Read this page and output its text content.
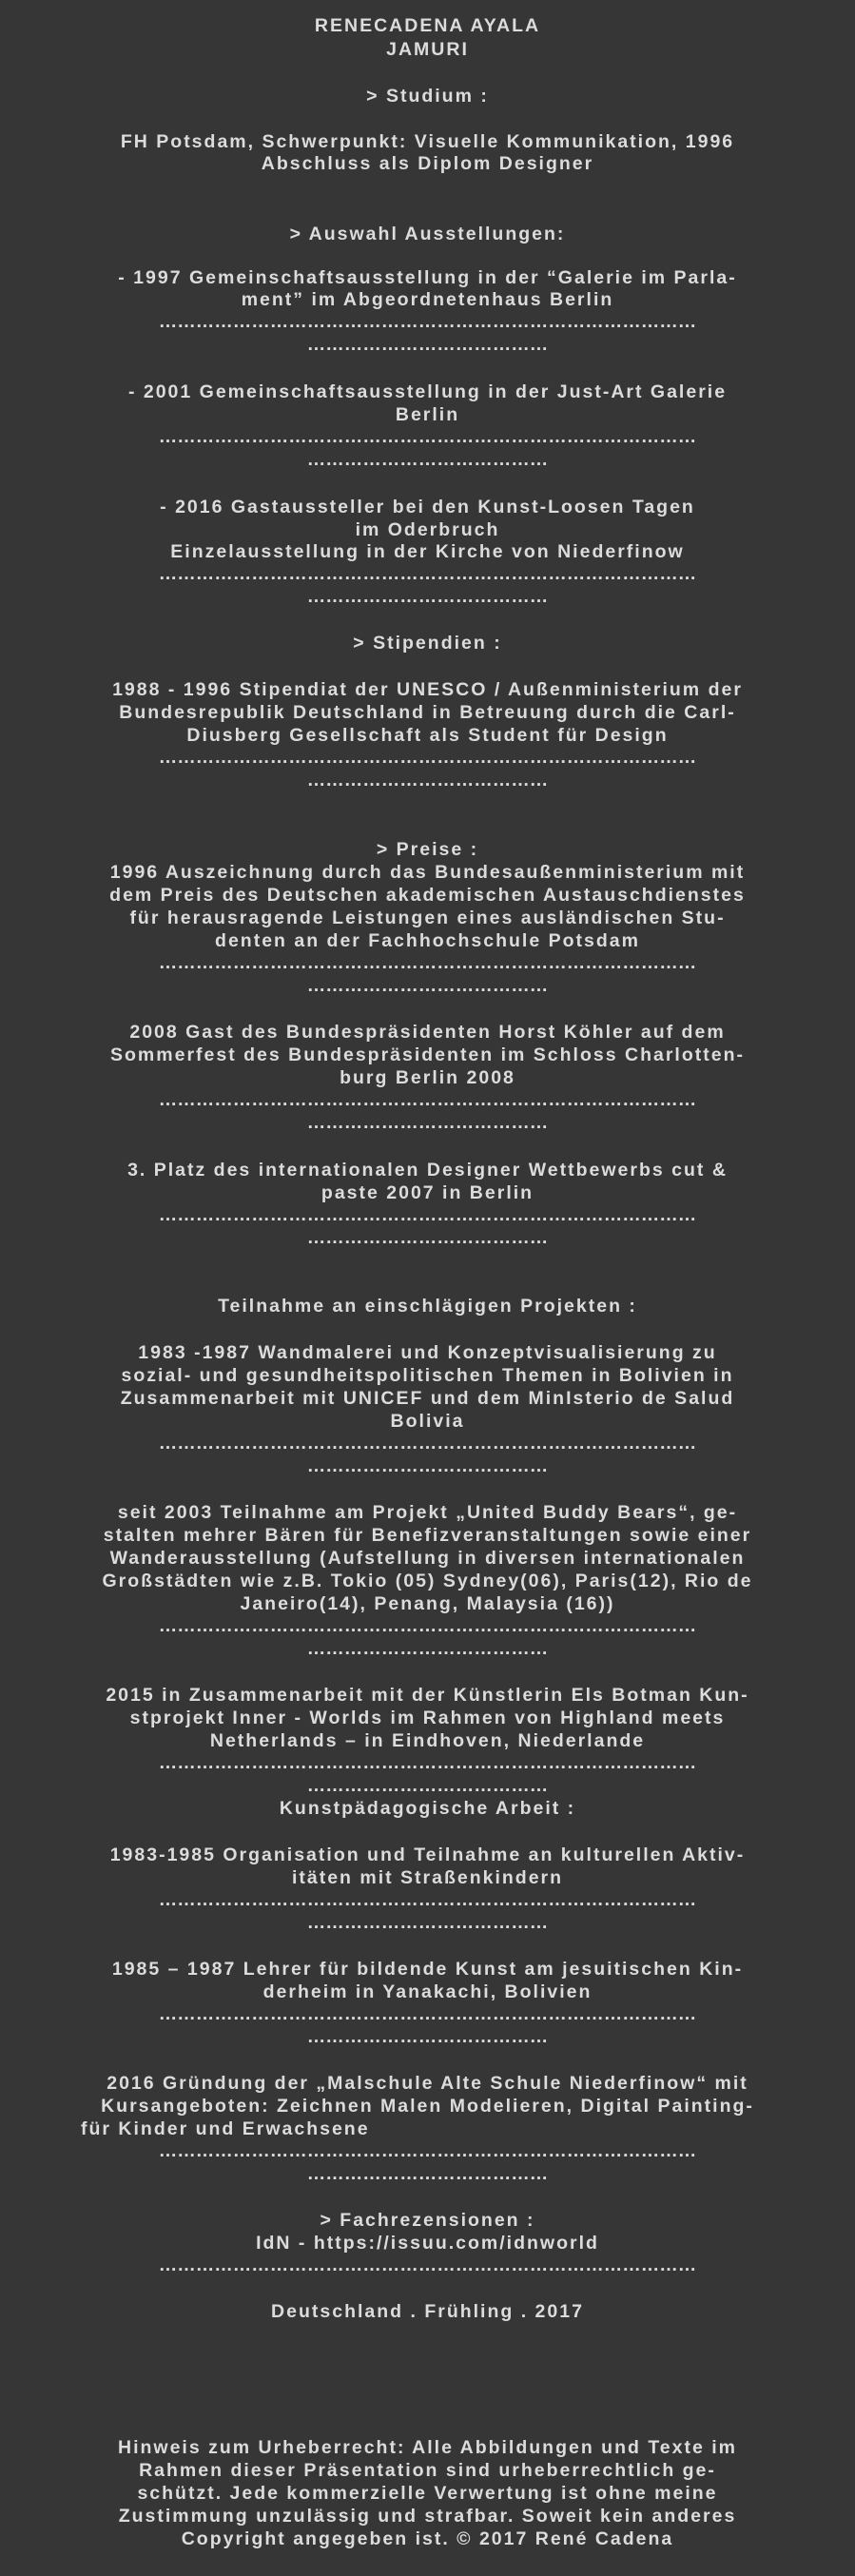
RENECADENA AYALA
JAMURI
> Studium :
FH Potsdam, Schwerpunkt: Visuelle Kommunikation, 1996
Abschluss als Diplom Designer
> Auswahl Ausstellungen:
- 1997 Gemeinschaftsausstellung in der “Galerie im Parla-
ment” im Abgeordnetenhaus Berlin
……………………………………………………………………………
…………………………………
- 2001 Gemeinschaftsausstellung in der Just-Art Galerie
Berlin
……………………………………………………………………………
…………………………………
- 2016 Gastaussteller bei den Kunst-Loosen Tagen
im Oderbruch
Einzelausstellung in der Kirche von Niederfinow
……………………………………………………………………………
…………………………………
> Stipendien :
1988 - 1996 Stipendiat der UNESCO / Außenministerium der
Bundesrepublik Deutschland in Betreuung durch die Carl-
Diusberg Gesellschaft als Student für Design
……………………………………………………………………………
…………………………………
> Preise :
1996 Auszeichnung durch das Bundesaußenministerium mit
dem Preis des Deutschen akademischen Austauschdienstes
für herausragende Leistungen eines ausländischen Stu-
denten an der Fachhochschule Potsdam
……………………………………………………………………………
…………………………………
2008 Gast des Bundespräsidenten Horst Köhler auf dem
Sommerfest des Bundespräsidenten im Schloss Charlotten-
burg Berlin 2008
……………………………………………………………………………
…………………………………
3. Platz des internationalen Designer Wettbewerbs cut &
paste 2007 in Berlin
……………………………………………………………………………
…………………………………
Teilnahme an einschlägigen Projekten :
1983 -1987 Wandmalerei und Konzeptvisualisierung zu
sozial- und gesundheitspolitischen Themen in Bolivien in
Zusammenarbeit mit UNICEF und dem MinIsterio de Salud
Bolivia
……………………………………………………………………………
…………………………………
seit 2003 Teilnahme am Projekt „United Buddy Bears“, ge-
stalten mehrer Bären für Benefizveranstaltungen sowie einer
Wanderausstellung (Aufstellung in diversen internationalen
Großstädten wie z.B. Tokio (05) Sydney(06), Paris(12), Rio de
Janeiro(14), Penang, Malaysia (16))
……………………………………………………………………………
…………………………………
2015 in Zusammenarbeit mit der Künstlerin Els Botman Kun-
stprojekt Inner - Worlds im Rahmen von Highland meets
Netherlands – in Eindhoven, Niederlande
……………………………………………………………………………
…………………………………
Kunstpädagogische Arbeit :
1983-1985 Organisation und Teilnahme an kulturellen Aktiv-
itäten mit Straßenkindern
……………………………………………………………………………
…………………………………
1985 – 1987 Lehrer für bildende Kunst am jesuitischen Kin-
derheim in Yanakachi, Bolivien
……………………………………………………………………………
…………………………………
2016 Gründung der „Malschule Alte Schule Niederfinow“ mit
Kursangeboten: Zeichnen Malen Modelieren, Digital Painting-
für Kinder und Erwachsene
……………………………………………………………………………
…………………………………
> Fachrezensionen :
IdN - https://issuu.com/idnworld
……………………………………………………………………………
Deutschland . Frühling . 2017
Hinweis zum Urheberrecht: Alle Abbildungen und Texte im
Rahmen dieser Präsentation sind urheberrechtlich ge-
schützt. Jede kommerzielle Verwertung ist ohne meine
Zustimmung unzulässig und strafbar. Soweit kein anderes
Copyright angegeben ist. © 2017 René Cadena
